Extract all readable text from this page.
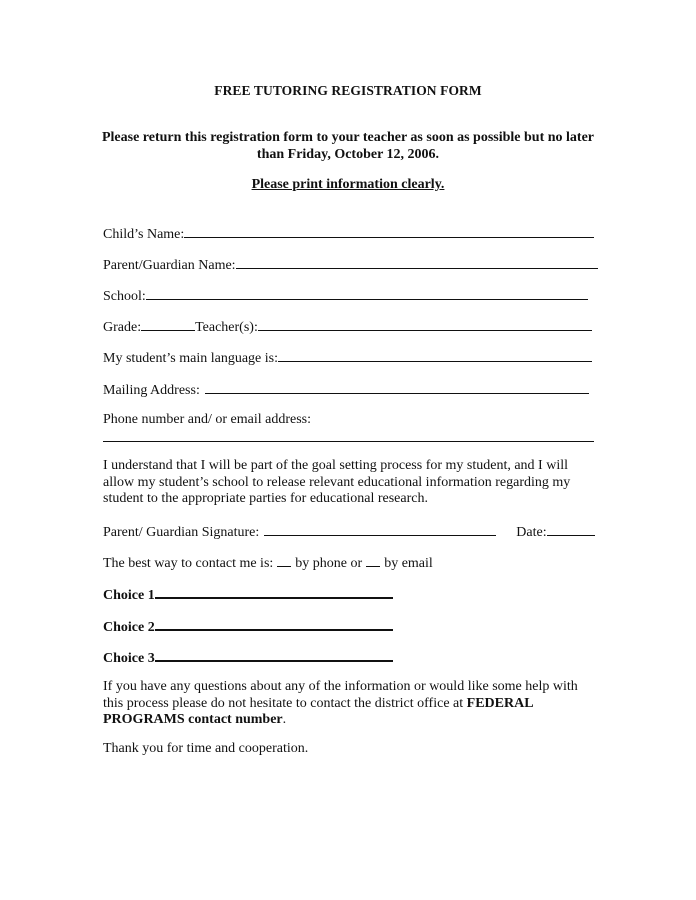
FREE TUTORING REGISTRATION FORM
Please return this registration form to your teacher as soon as possible but no later than Friday, October 12, 2006.
Please print information clearly.
Child’s Name:
Parent/Guardian Name:
School:
Grade:	Teacher(s):
My student’s main language is:
Mailing Address:
Phone number and/ or email address:
I understand that I will be part of the goal setting process for my student, and I will allow my student’s school to release relevant educational information regarding my student to the appropriate parties for educational research.
Parent/ Guardian Signature:	Date:
The best way to contact me is: by phone or by email
Choice 1
Choice 2
Choice 3
If you have any questions about any of the information or would like some help with this process please do not hesitate to contact the district office at FEDERAL PROGRAMS contact number.
Thank you for time and cooperation.
